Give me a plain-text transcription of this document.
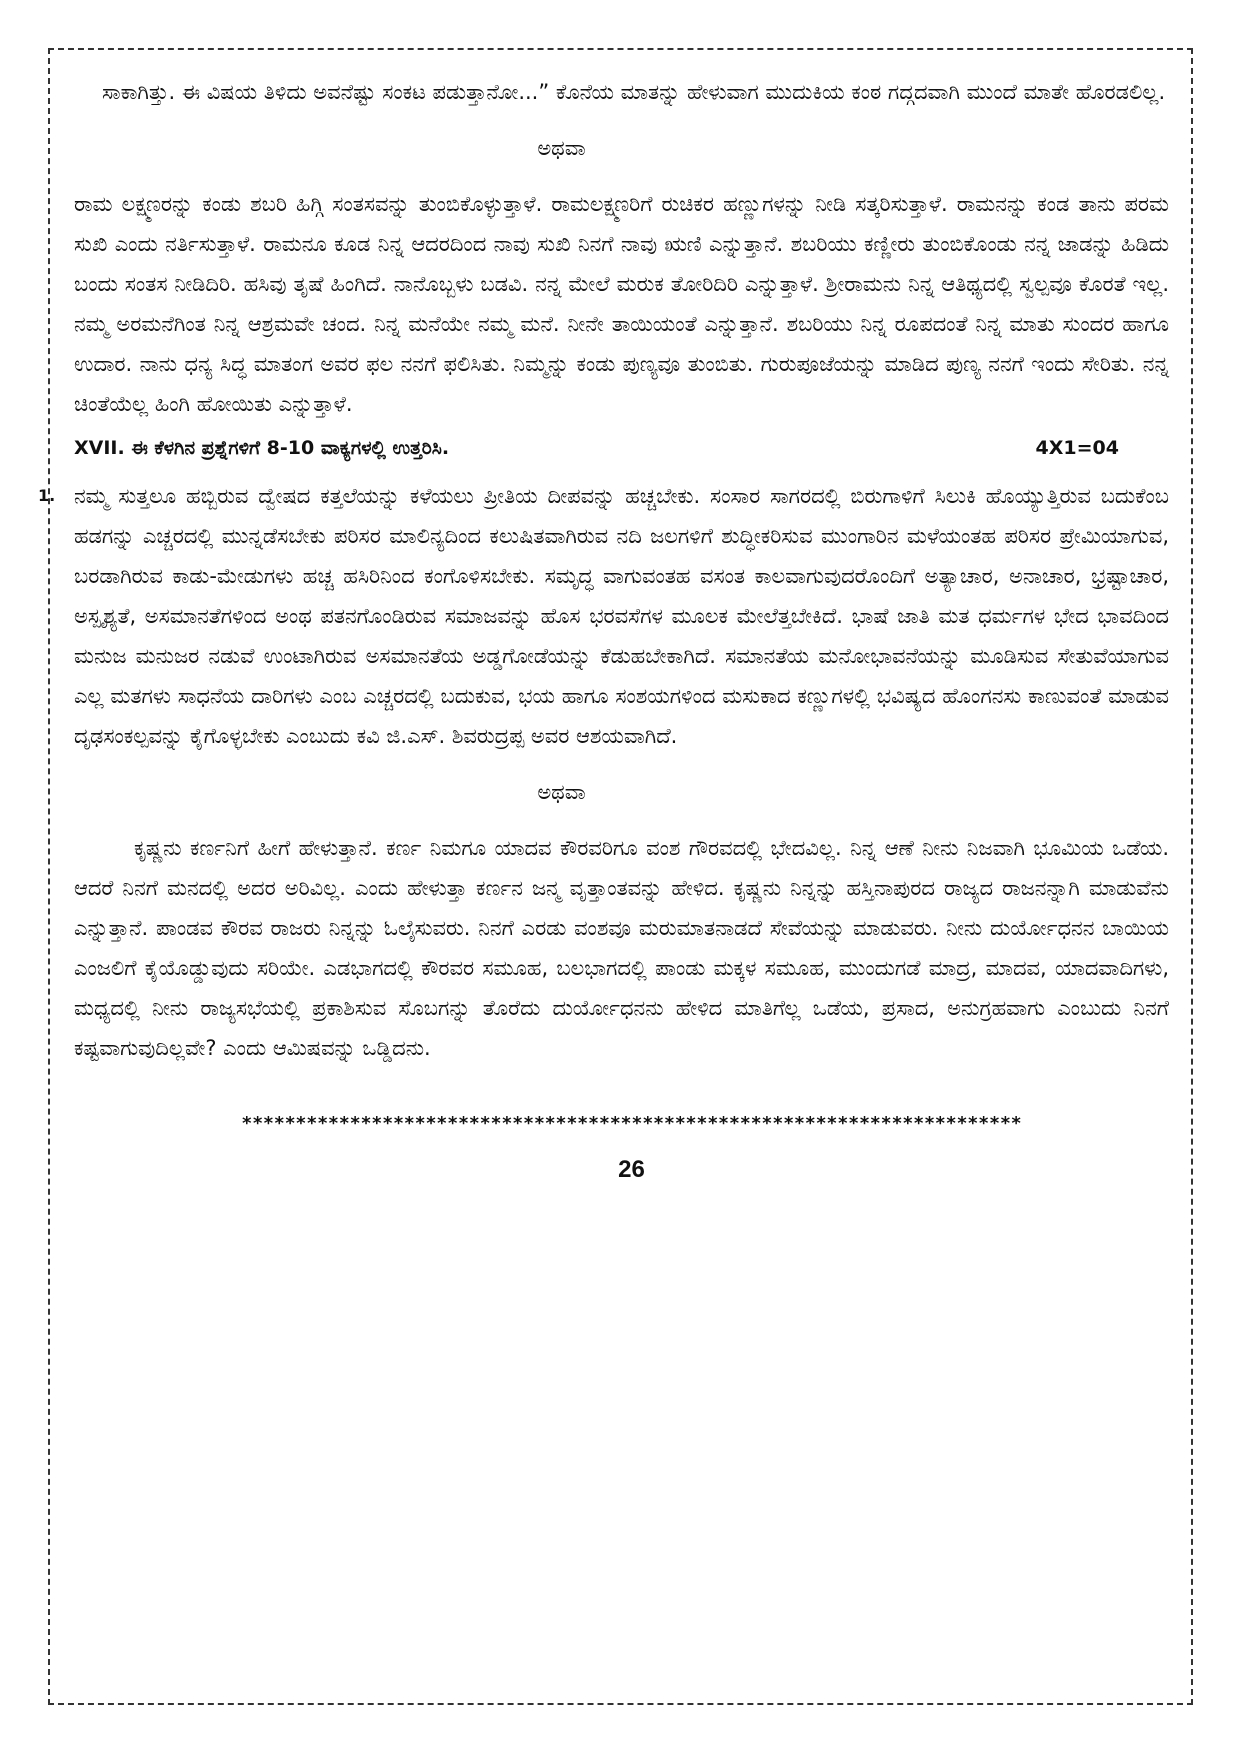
ಸಾಕಾಗಿತ್ತು. ಈ ವಿಷಯ ತಿಳಿದು ಅವನೆಷ್ಟು ಸಂಕಟ ಪಡುತ್ತಾನೋ...” ಕೊನೆಯ ಮಾತನ್ನು ಹೇಳುವಾಗ ಮುದುಕಿಯ ಕಂಠ ಗದ್ಗದವಾಗಿ ಮುಂದೆ ಮಾತೇ ಹೊರಡಲಿಲ್ಲ.

ಅಥವಾ

ರಾಮ ಲಕ್ಷ್ಮಣರನ್ನು ಕಂಡು ಶಬರಿ ಹಿಗ್ಗಿ ಸಂತಸವನ್ನು ತುಂಬಿಕೊಳ್ಳುತ್ತಾಳೆ. ರಾಮಲಕ್ಷ್ಮಣರಿಗೆ ರುಚಿಕರ ಹಣ್ಣುಗಳನ್ನು ನೀಡಿ ಸತ್ಕರಿಸುತ್ತಾಳೆ. ರಾಮನನ್ನು ಕಂಡ ತಾನು ಪರಮ ಸುಖಿ ಎಂದು ನರ್ತಿಸುತ್ತಾಳೆ. ರಾಮನೂ ಕೂಡ ನಿನ್ನ ಆದರದಿಂದ ನಾವು ಸುಖಿ ನಿನಗೆ ನಾವು ಋಣಿ ಎನ್ನುತ್ತಾನೆ. ಶಬರಿಯು ಕಣ್ಣೀರು ತುಂಬಿಕೊಂಡು ನನ್ನ ಜಾಡನ್ನು ಹಿಡಿದು ಬಂದು ಸಂತಸ ನೀಡಿದಿರಿ. ಹಸಿವು ತೃಷೆ ಹಿಂಗಿದೆ. ನಾನೊಬ್ಬಳು ಬಡವಿ. ನನ್ನ ಮೇಲೆ ಮರುಕ ತೋರಿದಿರಿ ಎನ್ನುತ್ತಾಳೆ. ಶ್ರೀರಾಮನು ನಿನ್ನ ಆತಿಥ್ಯದಲ್ಲಿ ಸ್ವಲ್ಪವೂ ಕೊರತೆ ಇಲ್ಲ. ನಮ್ಮ ಅರಮನೆಗಿಂತ ನಿನ್ನ ಆಶ್ರಮವೇ ಚಂದ. ನಿನ್ನ ಮನೆಯೇ ನಮ್ಮ ಮನೆ. ನೀನೇ ತಾಯಿಯಂತೆ ಎನ್ನುತ್ತಾನೆ. ಶಬರಿಯು ನಿನ್ನ ರೂಪದಂತೆ ನಿನ್ನ ಮಾತು ಸುಂದರ ಹಾಗೂ ಉದಾರ. ನಾನು ಧನ್ಯ ಸಿದ್ಧ ಮಾತಂಗ ಅವರ ಫಲ ನನಗೆ ಫಲಿಸಿತು. ನಿಮ್ಮನ್ನು ಕಂಡು ಪುಣ್ಯವೂ ತುಂಬಿತು. ಗುರುಪೂಜೆಯನ್ನು ಮಾಡಿದ ಪುಣ್ಯ ನನಗೆ ಇಂದು ಸೇರಿತು. ನನ್ನ ಚಿಂತೆಯೆಲ್ಲ ಹಿಂಗಿ ಹೋಯಿತು ಎನ್ನುತ್ತಾಳೆ.

XVII. ಈ ಕೆಳಗಿನ ಪ್ರಶ್ನೆಗಳಿಗೆ 8-10 ವಾಕ್ಯಗಳಲ್ಲಿ ಉತ್ತರಿಸಿ.	4X1=04
1. ನಮ್ಮ ಸುತ್ತಲೂ ಹಬ್ಬಿರುವ ದ್ವೇಷದ ಕತ್ತಲೆಯನ್ನು ಕಳೆಯಲು ಪ್ರೀತಿಯ ದೀಪವನ್ನು ಹಚ್ಚಬೇಕು. ಸಂಸಾರ ಸಾಗರದಲ್ಲಿ ಬಿರುಗಾಳಿಗೆ ಸಿಲುಕಿ ಹೊಯ್ಯುತ್ತಿರುವ ಬದುಕೆಂಬ ಹಡಗನ್ನು ಎಚ್ಚರದಲ್ಲಿ ಮುನ್ನಡೆಸಬೇಕು ಪರಿಸರ ಮಾಲಿನ್ಯದಿಂದ ಕಲುಷಿತವಾಗಿರುವ ನದಿ ಜಲಗಳಿಗೆ ಶುದ್ಧೀಕರಿಸುವ ಮುಂಗಾರಿನ ಮಳೆಯಂತಹ ಪರಿಸರ ಪ್ರೇಮಿಯಾಗುವ, ಬರಡಾಗಿರುವ ಕಾಡು-ಮೇಡುಗಳು ಹಚ್ಚ ಹಸಿರಿನಿಂದ ಕಂಗೊಳಿಸಬೇಕು. ಸಮೃದ್ಧ ವಾಗುವಂತಹ ವಸಂತ ಕಾಲವಾಗುವುದರೊಂದಿಗೆ ಅತ್ಯಾಚಾರ, ಅನಾಚಾರ, ಭ್ರಷ್ಟಾಚಾರ, ಅಸ್ಪೃಶ್ಯತೆ, ಅಸಮಾನತೆಗಳಿಂದ ಅಂಥ ಪತನಗೊಂಡಿರುವ ಸಮಾಜವನ್ನು ಹೊಸ ಭರವಸೆಗಳ ಮೂಲಕ ಮೇಲೆತ್ತಬೇಕಿದೆ. ಭಾಷೆ ಜಾತಿ ಮತ ಧರ್ಮಗಳ ಭೇದ ಭಾವದಿಂದ ಮನುಜ ಮನುಜರ ನಡುವೆ ಉಂಟಾಗಿರುವ ಅಸಮಾನತೆಯ ಅಡ್ಡಗೋಡೆಯನ್ನು ಕೆಡುಹಬೇಕಾಗಿದೆ. ಸಮಾನತೆಯ ಮನೋಭಾವನೆಯನ್ನು ಮೂಡಿಸುವ ಸೇತುವೆಯಾಗುವ ಎಲ್ಲ ಮತಗಳು ಸಾಧನೆಯ ದಾರಿಗಳು ಎಂಬ ಎಚ್ಚರದಲ್ಲಿ ಬದುಕುವ, ಭಯ ಹಾಗೂ ಸಂಶಯಗಳಿಂದ ಮಸುಕಾದ ಕಣ್ಣುಗಳಲ್ಲಿ ಭವಿಷ್ಯದ ಹೊಂಗನಸು ಕಾಣುವಂತೆ ಮಾಡುವ ದೃಢಸಂಕಲ್ಪವನ್ನು ಕೈಗೊಳ್ಳಬೇಕು ಎಂಬುದು ಕವಿ ಜಿ.ಎಸ್. ಶಿವರುದ್ರಪ್ಪ ಅವರ ಆಶಯವಾಗಿದೆ.

ಅಥವಾ

ಕೃಷ್ಣನು ಕರ್ಣನಿಗೆ ಹೀಗೆ ಹೇಳುತ್ತಾನೆ. ಕರ್ಣ ನಿಮಗೂ ಯಾದವ ಕೌರವರಿಗೂ ವಂಶ ಗೌರವದಲ್ಲಿ ಭೇದವಿಲ್ಲ. ನಿನ್ನ ಆಣೆ ನೀನು ನಿಜವಾಗಿ ಭೂಮಿಯ ಒಡೆಯ. ಆದರೆ ನಿನಗೆ ಮನದಲ್ಲಿ ಅದರ ಅರಿವಿಲ್ಲ. ಎಂದು ಹೇಳುತ್ತಾ ಕರ್ಣನ ಜನ್ಮ ವೃತ್ತಾಂತವನ್ನು ಹೇಳಿದ. ಕೃಷ್ಣನು ನಿನ್ನನ್ನು ಹಸ್ತಿನಾಪುರದ ರಾಜ್ಯದ ರಾಜನನ್ನಾಗಿ ಮಾಡುವೆನು ಎನ್ನುತ್ತಾನೆ. ಪಾಂಡವ ಕೌರವ ರಾಜರು ನಿನ್ನನ್ನು ಓಲೈಸುವರು. ನಿನಗೆ ಎರಡು ವಂಶವೂ ಮರುಮಾತನಾಡದೆ ಸೇವೆಯನ್ನು ಮಾಡುವರು. ನೀನು ದುರ್ಯೋಧನನ ಬಾಯಿಯ ಎಂಜಲಿಗೆ ಕೈಯೊಡ್ಡುವುದು ಸರಿಯೇ. ಎಡಭಾಗದಲ್ಲಿ ಕೌರವರ ಸಮೂಹ, ಬಲಭಾಗದಲ್ಲಿ ಪಾಂಡು ಮಕ್ಕಳ ಸಮೂಹ, ಮುಂದುಗಡೆ ಮಾದ್ರ, ಮಾದವ, ಯಾದವಾದಿಗಳು, ಮಧ್ಯದಲ್ಲಿ ನೀನು ರಾಜ್ಯಸಭೆಯಲ್ಲಿ ಪ್ರಕಾಶಿಸುವ ಸೊಬಗನ್ನು ತೊರೆದು ದುರ್ಯೋಧನನು ಹೇಳಿದ ಮಾತಿಗೆಲ್ಲ ಒಡೆಯ, ಪ್ರಸಾದ, ಅನುಗ್ರಹವಾಗು ಎಂಬುದು ನಿನಗೆ ಕಷ್ಟವಾಗುವುದಿಲ್ಲವೇ? ಎಂದು ಆಮಿಷವನ್ನು ಒಡ್ಡಿದನು.

************************************************************************
26
